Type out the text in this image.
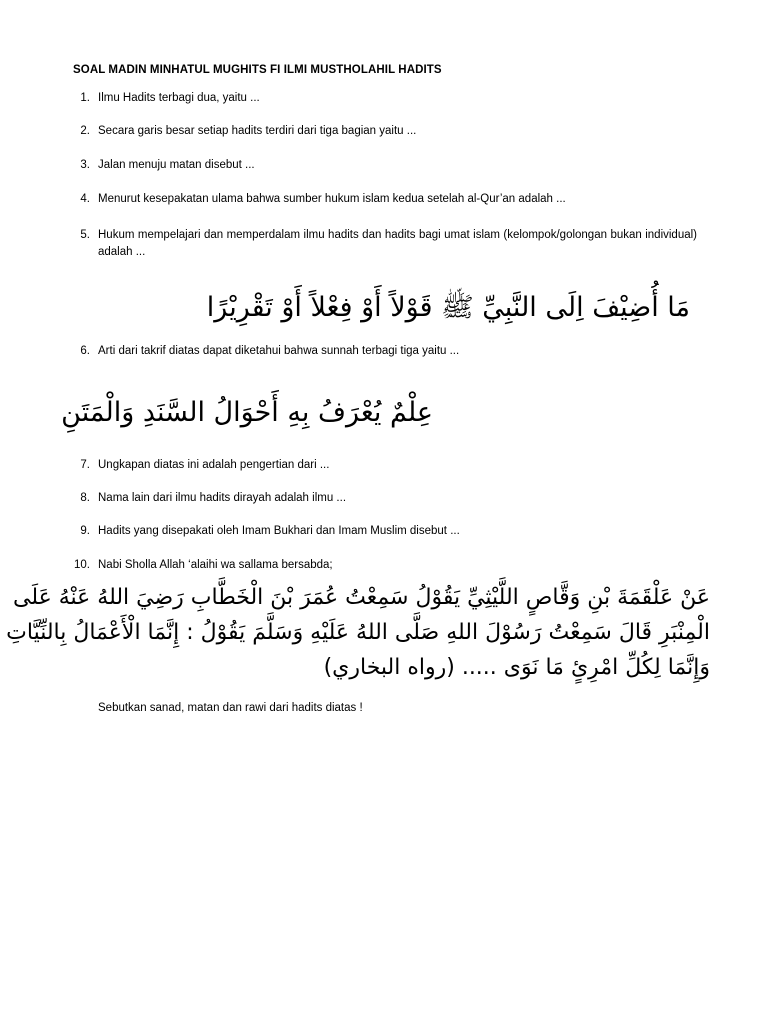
SOAL MADIN MINHATUL MUGHITS FI ILMI MUSTHOLAHIL HADITS
1. Ilmu Hadits terbagi dua, yaitu ...
2. Secara garis besar setiap hadits terdiri dari tiga bagian yaitu ...
3. Jalan menuju matan disebut ...
4. Menurut kesepakatan ulama bahwa sumber hukum islam kedua setelah al-Qur’an adalah ...
5. Hukum mempelajari dan memperdalam ilmu hadits dan hadits bagi umat islam (kelompok/golongan bukan individual) adalah ...
مَا أُضِيْفَ اِلَى النَّبِيِّ ﷺ قَوْلاً أَوْ فِعْلاً أَوْ تَقْرِيْرًا
6. Arti dari takrif diatas dapat diketahui bahwa sunnah terbagi tiga yaitu ...
عِلْمٌ يُعْرَفُ بِهِ أَحْوَالُ السَّنَدِ وَالْمَتَنِ
7. Ungkapan diatas ini adalah pengertian dari ...
8. Nama lain dari ilmu hadits dirayah adalah ilmu ...
9. Hadits yang disepakati oleh Imam Bukhari dan Imam Muslim disebut ...
10. Nabi Sholla Allah ‘alaihi wa sallama bersabda;
عَنْ عَلْقَمَةَ بْنِ وَقَّاصٍ اللَّيْثِيِّ يَقُوْلُ سَمِعْتُ عُمَرَ بْنَ الْخَطَّابِ رَضِيَ اللهُ عَنْهُ عَلَى
الْمِنْبَرِ قَالَ سَمِعْتُ رَسُوْلَ اللهِ صَلَّى اللهُ عَلَيْهِ وَسَلَّمَ يَقُوْلُ : إِنَّمَا الْأَعْمَالُ بِالنِّيَّاتِ
وَإِنَّمَا لِكُلِّ امْرِئٍ مَا نَوَى ..... (رواه البخاري)
Sebutkan sanad, matan dan rawi dari hadits diatas !
